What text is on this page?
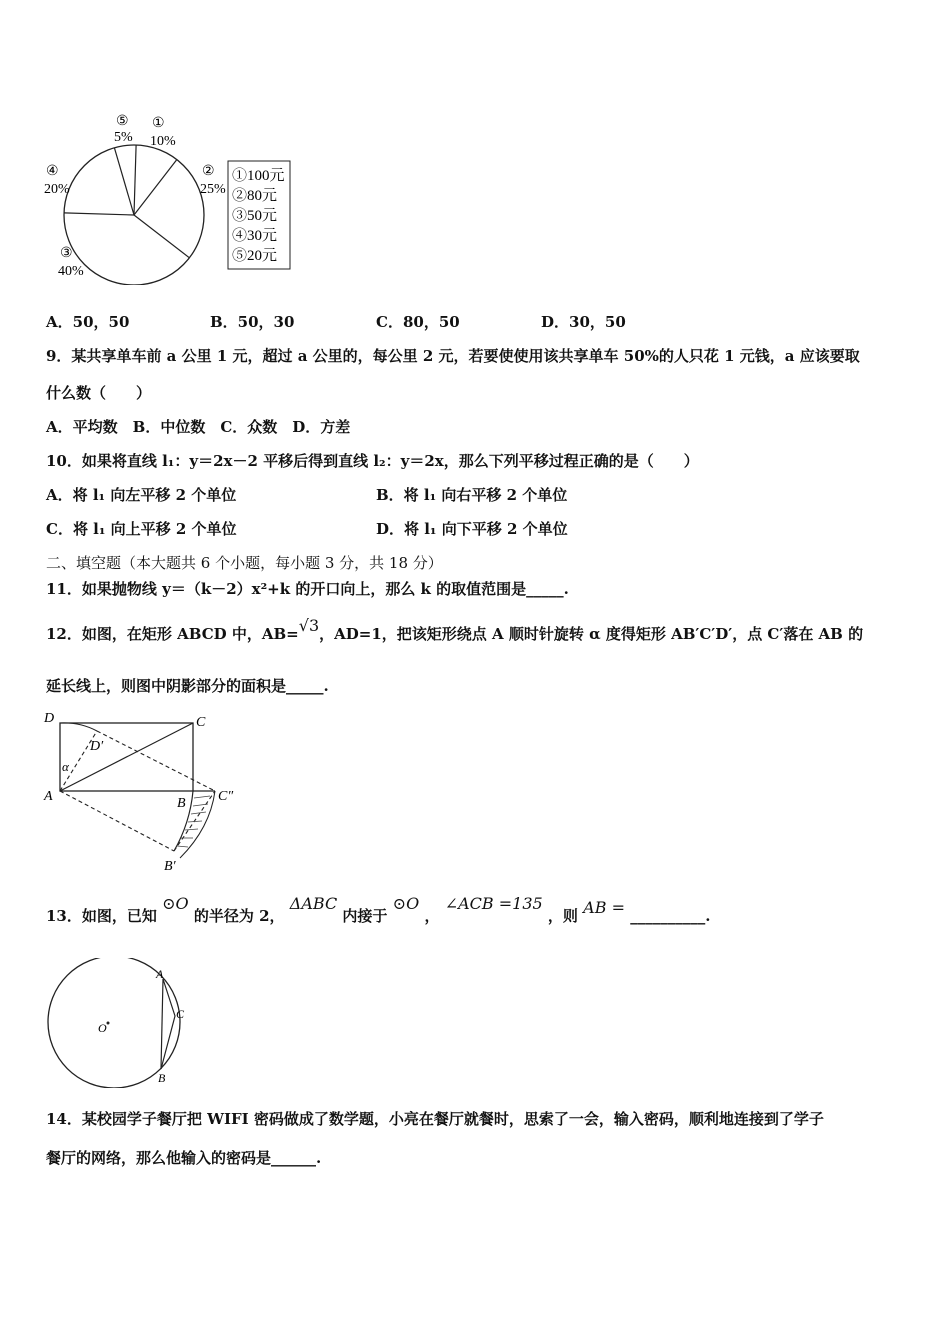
⑤
5%
①
10%
②
25%
④
20%
③
40%
①100元
②80元
③50元
④30元
⑤20元
A．50，50	B．50，30	C．80，50	D．30，50
9．某共享单车前 a 公里 1 元，超过 a 公里的，每公里 2 元，若要使使用该共享单车 50%的人只花 1 元钱，a 应该要取
什么数（　　）
A．平均数　B．中位数　C．众数　D．方差
10．如果将直线 l₁：y＝2x－2 平移后得到直线 l₂：y＝2x，那么下列平移过程正确的是（　　）
A．将 l₁ 向左平移 2 个单位	B．将 l₁ 向右平移 2 个单位
C．将 l₁ 向上平移 2 个单位	D．将 l₁ 向下平移 2 个单位
二、填空题（本大题共 6 个小题，每小题 3 分，共 18 分）
11．如果抛物线 y＝（k－2）x²+k 的开口向上，那么 k 的取值范围是_____.
12．如图，在矩形 ABCD 中，AB=√3，AD=1，把该矩形绕点 A 顺时针旋转 α 度得矩形 AB′C′D′，点 C′落在 AB 的
延长线上，则图中阴影部分的面积是_____.
D	C
D′
α
A	B C″
B′
13．如图，已知 ⊙O 的半径为 2， ΔABC 内接于 ⊙O ， ∠ACB =135 ，则 AB = __________.
A
C
B
O
14．某校园学子餐厅把 WIFI 密码做成了数学题，小亮在餐厅就餐时，思索了一会，输入密码，顺利地连接到了学子
餐厅的网络，那么他输入的密码是______.
